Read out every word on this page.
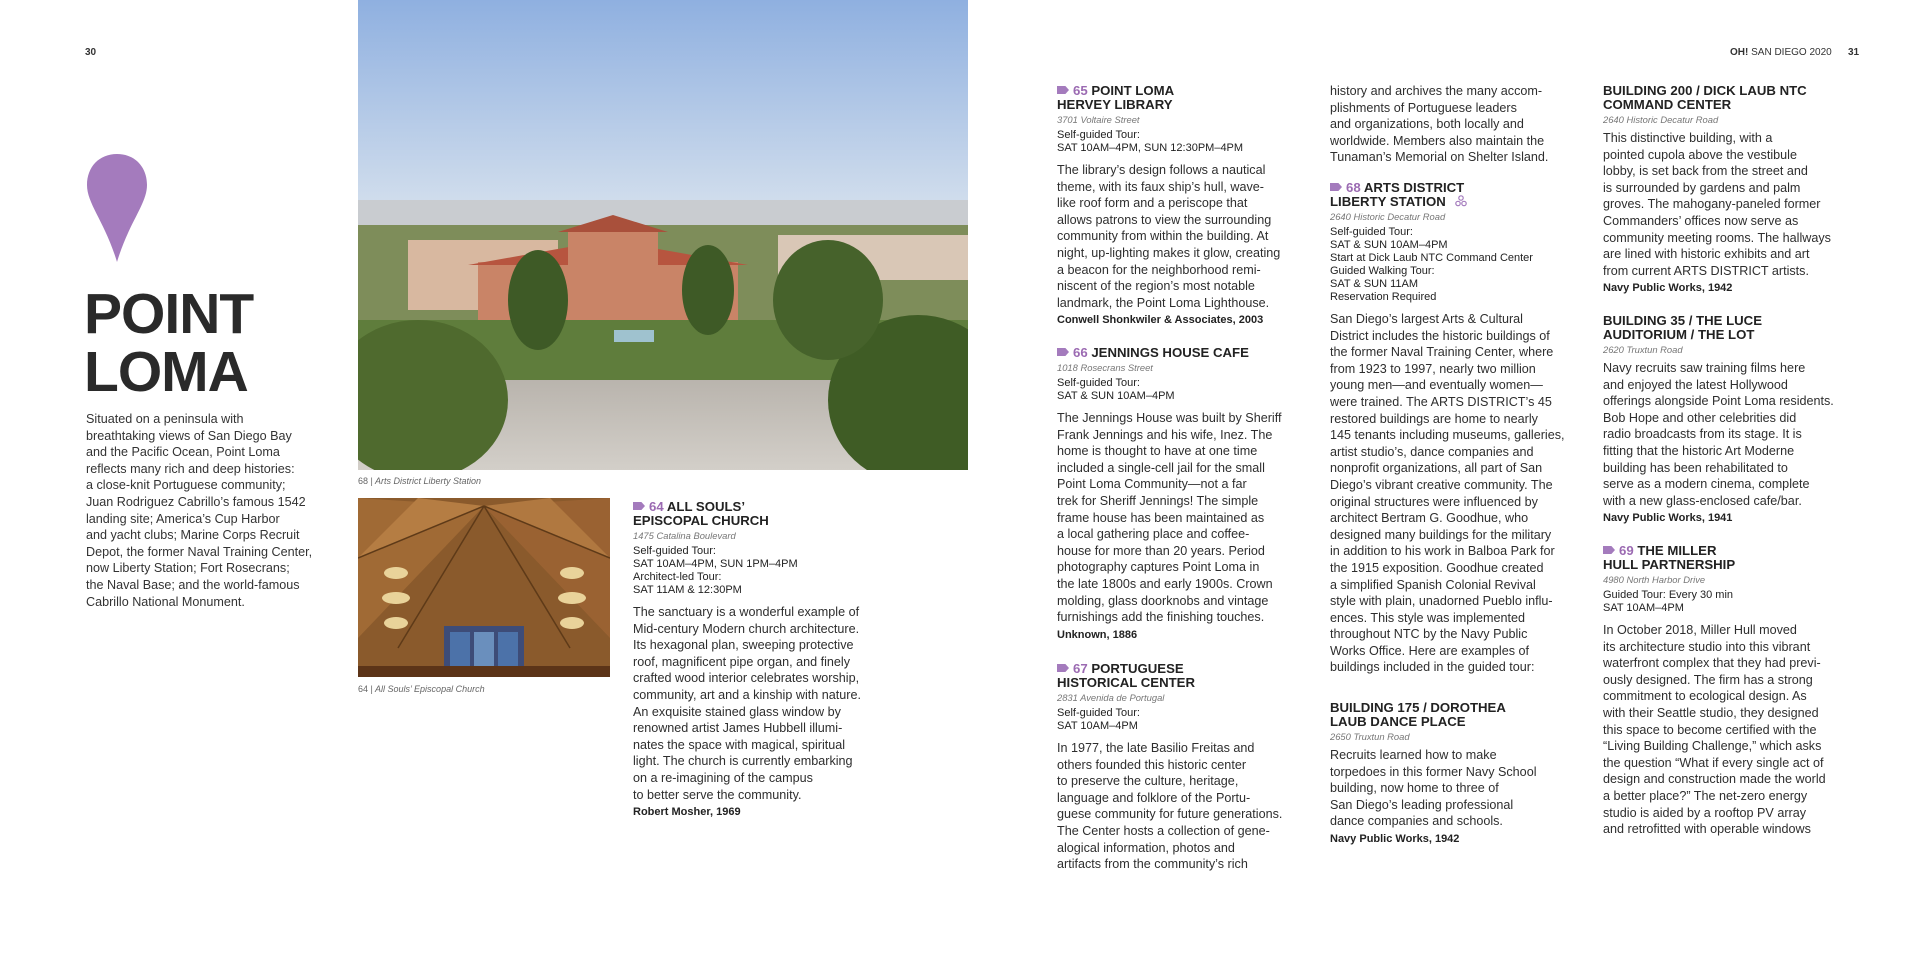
30
POINT
LOMA
Situated on a peninsula with
breathtaking views of San Diego Bay
and the Pacific Ocean, Point Loma
reflects many rich and deep histories:
a close-knit Portuguese community;
Juan Rodriguez Cabrillo’s famous 1542
landing site; America’s Cup Harbor
and yacht clubs; Marine Corps Recruit
Depot, the former Naval Training Center,
now Liberty Station; Fort Rosecrans;
the Naval Base; and the world-famous
Cabrillo National Monument.
68 | Arts District Liberty Station
64 | All Souls’ Episcopal Church
64 ALL SOULS’
EPISCOPAL CHURCH
1475 Catalina Boulevard
Self-guided Tour:
SAT 10AM–4PM, SUN 1PM–4PM
Architect-led Tour:
SAT 11AM & 12:30PM
The sanctuary is a wonderful example of
Mid-century Modern church architecture.
Its hexagonal plan, sweeping protective
roof, magnificent pipe organ, and finely
crafted wood interior celebrates worship,
community, art and a kinship with nature.
An exquisite stained glass window by
renowned artist James Hubbell illumi-
nates the space with magical, spiritual
light. The church is currently embarking
on a re-imagining of the campus
to better serve the community.
Robert Mosher, 1969
OH! SAN DIEGO 2020 31
65 POINT LOMA
HERVEY LIBRARY
3701 Voltaire Street
Self-guided Tour:
SAT 10AM–4PM, SUN 12:30PM–4PM
The library’s design follows a nautical
theme, with its faux ship’s hull, wave-
like roof form and a periscope that
allows patrons to view the surrounding
community from within the building. At
night, up-lighting makes it glow, creating
a beacon for the neighborhood remi-
niscent of the region’s most notable
landmark, the Point Loma Lighthouse.
Conwell Shonkwiler & Associates, 2003
66 JENNINGS HOUSE CAFE
1018 Rosecrans Street
Self-guided Tour:
SAT & SUN 10AM–4PM
The Jennings House was built by Sheriff
Frank Jennings and his wife, Inez. The
home is thought to have at one time
included a single-cell jail for the small
Point Loma Community—not a far
trek for Sheriff Jennings! The simple
frame house has been maintained as
a local gathering place and coffee-
house for more than 20 years. Period
photography captures Point Loma in
the late 1800s and early 1900s. Crown
molding, glass doorknobs and vintage
furnishings add the finishing touches.
Unknown, 1886
67 PORTUGUESE
HISTORICAL CENTER
2831 Avenida de Portugal
Self-guided Tour:
SAT 10AM–4PM
In 1977, the late Basilio Freitas and
others founded this historic center
to preserve the culture, heritage,
language and folklore of the Portu-
guese community for future generations.
The Center hosts a collection of gene-
alogical information, photos and
artifacts from the community’s rich
history and archives the many accom-
plishments of Portuguese leaders
and organizations, both locally and
worldwide. Members also maintain the
Tunaman’s Memorial on Shelter Island.
68 ARTS DISTRICT
LIBERTY STATION
2640 Historic Decatur Road
Self-guided Tour:
SAT & SUN 10AM–4PM
Start at Dick Laub NTC Command Center
Guided Walking Tour:
SAT & SUN 11AM
Reservation Required
San Diego’s largest Arts & Cultural
District includes the historic buildings of
the former Naval Training Center, where
from 1923 to 1997, nearly two million
young men—and eventually women—
were trained. The ARTS DISTRICT’s 45
restored buildings are home to nearly
145 tenants including museums, galleries,
artist studio’s, dance companies and
nonprofit organizations, all part of San
Diego’s vibrant creative community. The
original structures were influenced by
architect Bertram G. Goodhue, who
designed many buildings for the military
in addition to his work in Balboa Park for
the 1915 exposition. Goodhue created
a simplified Spanish Colonial Revival
style with plain, unadorned Pueblo influ-
ences. This style was implemented
throughout NTC by the Navy Public
Works Office. Here are examples of
buildings included in the guided tour:
BUILDING 175 / DOROTHEA
LAUB DANCE PLACE
2650 Truxtun Road
Recruits learned how to make
torpedoes in this former Navy School
building, now home to three of
San Diego’s leading professional
dance companies and schools.
Navy Public Works, 1942
BUILDING 200 / DICK LAUB NTC
COMMAND CENTER
2640 Historic Decatur Road
This distinctive building, with a
pointed cupola above the vestibule
lobby, is set back from the street and
is surrounded by gardens and palm
groves. The mahogany-paneled former
Commanders’ offices now serve as
community meeting rooms. The hallways
are lined with historic exhibits and art
from current ARTS DISTRICT artists.
Navy Public Works, 1942
BUILDING 35 / THE LUCE
AUDITORIUM / THE LOT
2620 Truxtun Road
Navy recruits saw training films here
and enjoyed the latest Hollywood
offerings alongside Point Loma residents.
Bob Hope and other celebrities did
radio broadcasts from its stage. It is
fitting that the historic Art Moderne
building has been rehabilitated to
serve as a modern cinema, complete
with a new glass-enclosed cafe/bar.
Navy Public Works, 1941
69 THE MILLER
HULL PARTNERSHIP
4980 North Harbor Drive
Guided Tour: Every 30 min
SAT 10AM–4PM
In October 2018, Miller Hull moved
its architecture studio into this vibrant
waterfront complex that they had previ-
ously designed. The firm has a strong
commitment to ecological design. As
with their Seattle studio, they designed
this space to become certified with the
“Living Building Challenge,” which asks
the question “What if every single act of
design and construction made the world
a better place?” The net-zero energy
studio is aided by a rooftop PV array
and retrofitted with operable windows
